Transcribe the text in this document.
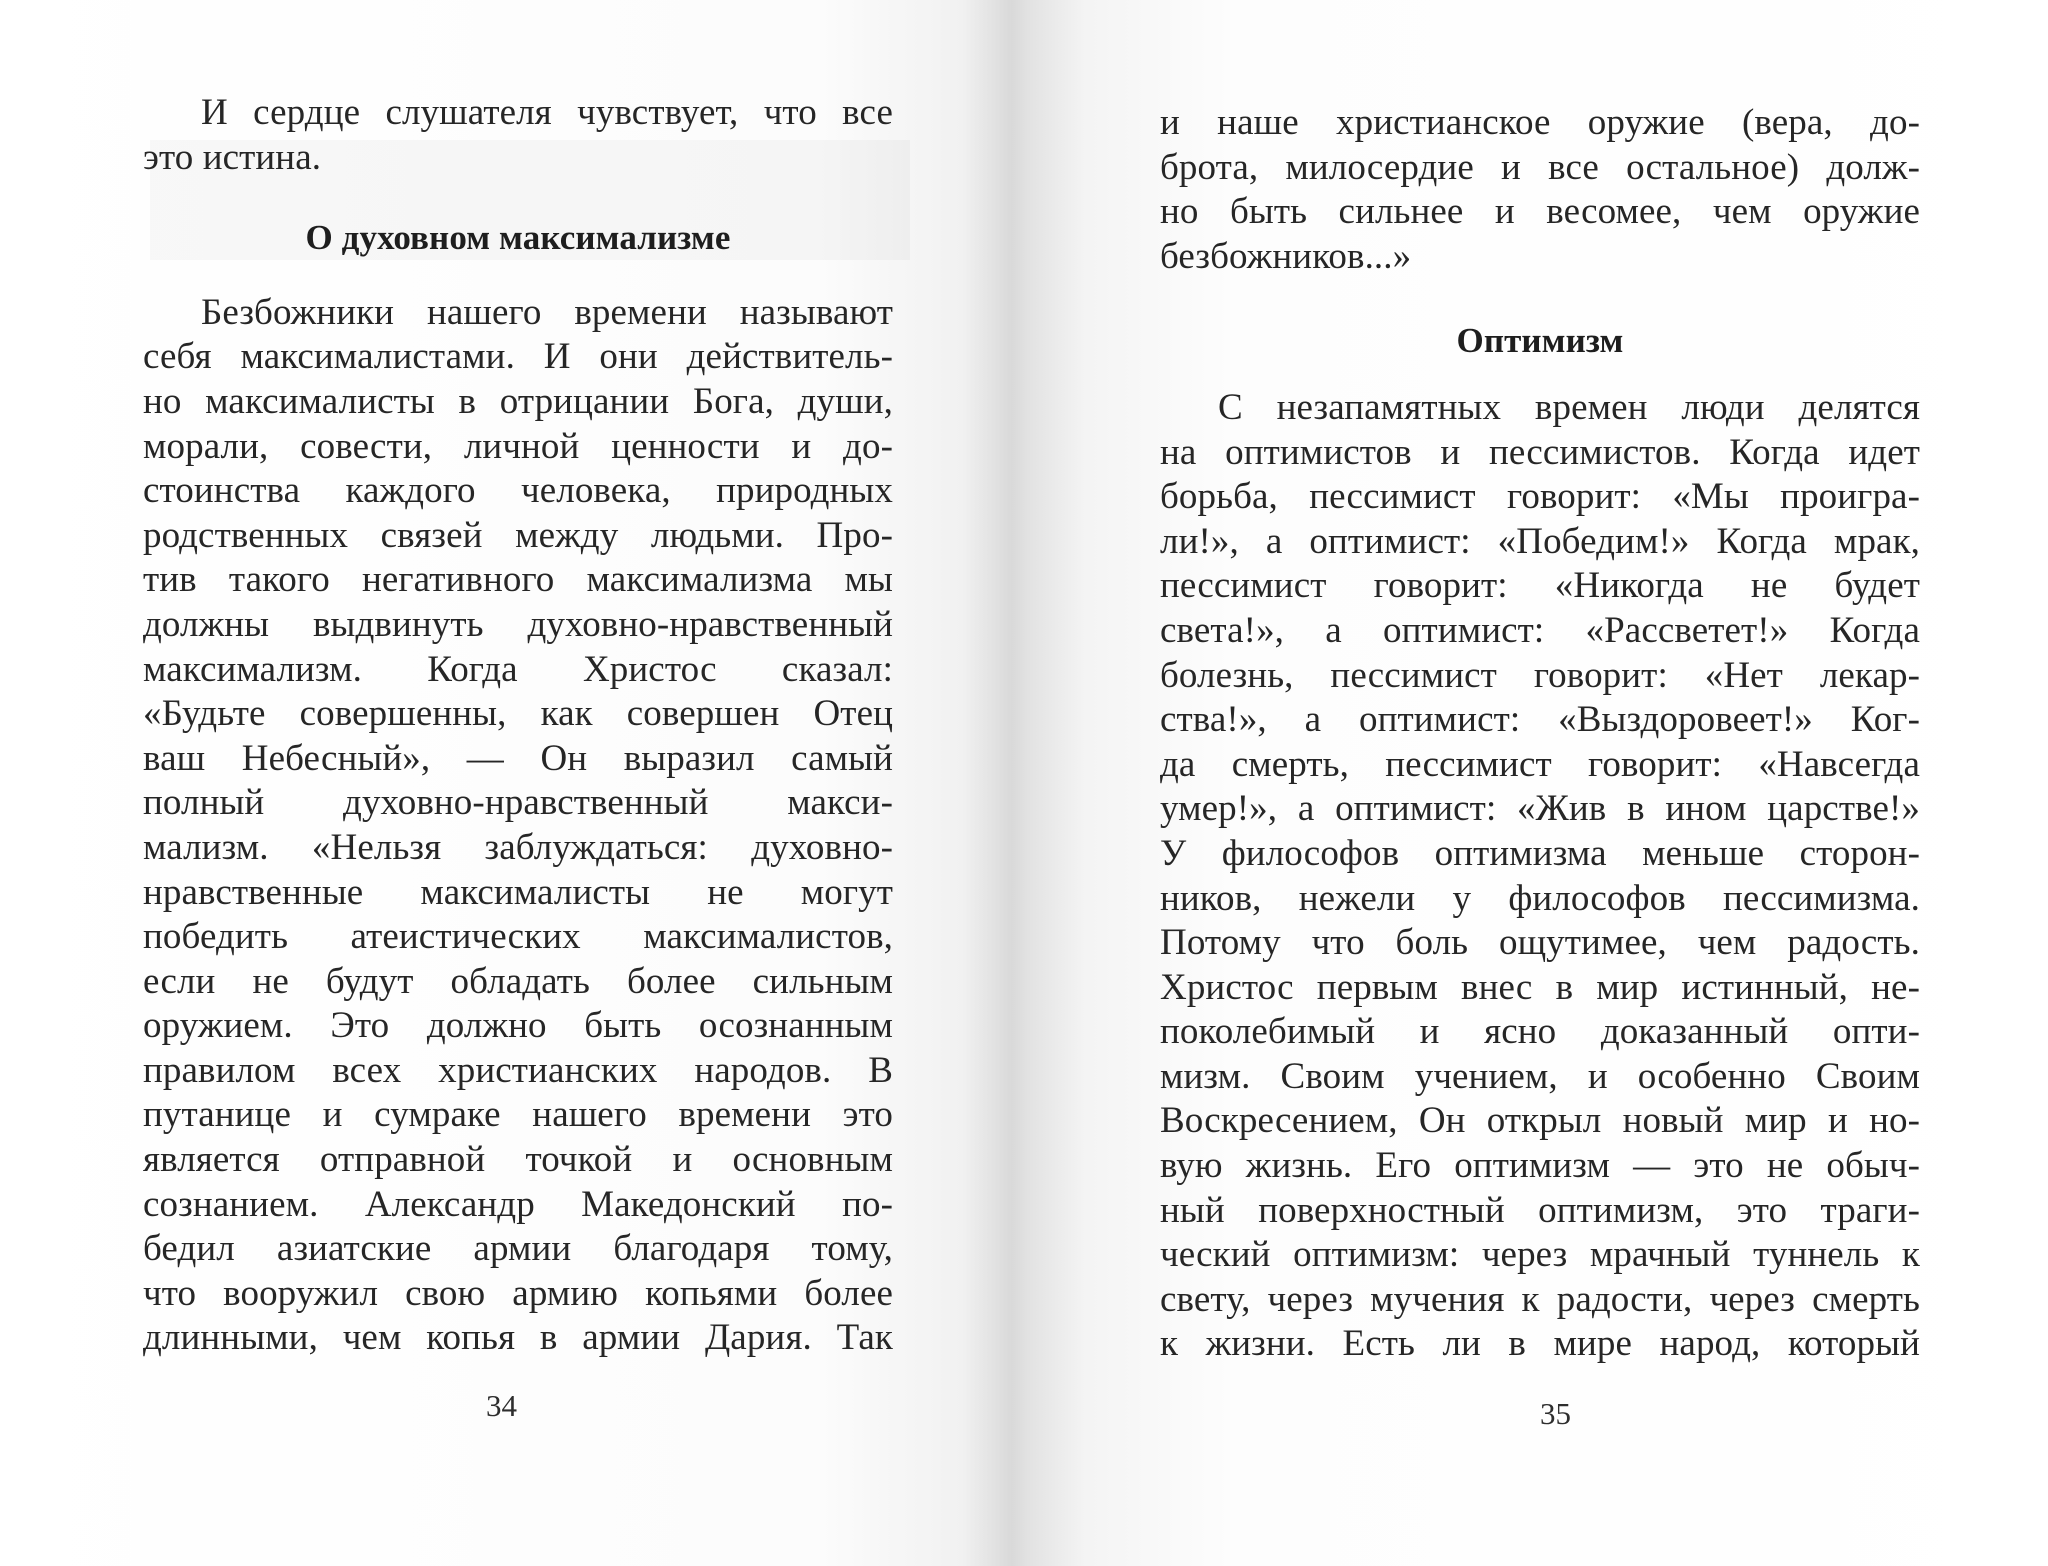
И сердце слушателя чувствует, что все
это истина.
О духовном максимализме
Безбожники нашего времени называют
себя максималистами. И они действитель-
но максималисты в отрицании Бога, души,
морали, совести, личной ценности и до-
стоинства каждого человека, природных
родственных связей между людьми. Про-
тив такого негативного максимализма мы
должны выдвинуть духовно-нравственный
максимализм. Когда Христос сказал:
«Будьте совершенны, как совершен Отец
ваш Небесный», — Он выразил самый
полный духовно-нравственный макси-
мализм. «Нельзя заблуждаться: духовно-
нравственные максималисты не могут
победить атеистических максималистов,
если не будут обладать более сильным
оружием. Это должно быть осознанным
правилом всех христианских народов. В
путанице и сумраке нашего времени это
является отправной точкой и основным
сознанием. Александр Македонский по-
бедил азиатские армии благодаря тому,
что вооружил свою армию копьями более
длинными, чем копья в армии Дария. Так
34
и наше христианское оружие (вера, до-
брота, милосердие и все остальное) долж-
но быть сильнее и весомее, чем оружие
безбожников...»
Оптимизм
С незапамятных времен люди делятся
на оптимистов и пессимистов. Когда идет
борьба, пессимист говорит: «Мы проигра-
ли!», а оптимист: «Победим!» Когда мрак,
пессимист говорит: «Никогда не будет
света!», а оптимист: «Рассветет!» Когда
болезнь, пессимист говорит: «Нет лекар-
ства!», а оптимист: «Выздоровеет!» Ког-
да смерть, пессимист говорит: «Навсегда
умер!», а оптимист: «Жив в ином царстве!»
У философов оптимизма меньше сторон-
ников, нежели у философов пессимизма.
Потому что боль ощутимее, чем радость.
Христос первым внес в мир истинный, не-
поколебимый и ясно доказанный опти-
мизм. Своим учением, и особенно Своим
Воскресением, Он открыл новый мир и но-
вую жизнь. Его оптимизм — это не обыч-
ный поверхностный оптимизм, это траги-
ческий оптимизм: через мрачный туннель к
свету, через мучения к радости, через смерть
к жизни. Есть ли в мире народ, который
35
